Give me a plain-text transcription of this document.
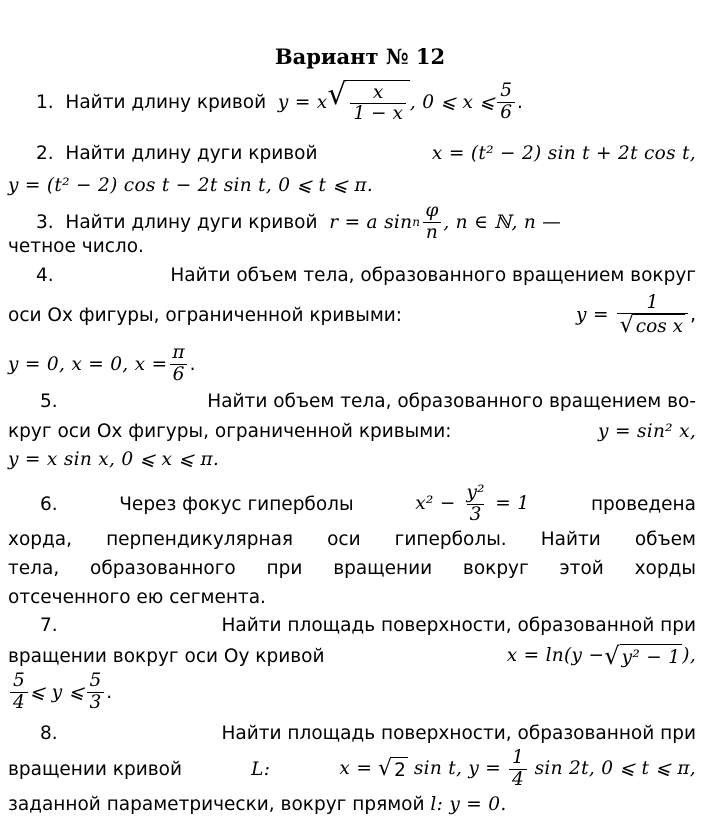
Вариант № 12
1.
Найти длину кривой
y = x √ $\frac{x}{1 - x}$ , 0 ⩽ x ⩽ $\frac{5}{6}$ .
2. Найти длину дуги кривой	x = (t² − 2) sin t + 2t cos t,
y = (t² − 2) cos t − 2t sin t, 0 ⩽ t ⩽ π.
3.
Найти длину дуги кривой
r = a sin n $\frac{\varphi}{n}$ , n ∈ ℕ, n —
четное число.
4.	Найти объем тела, образованного вращением вокруг
оси Ox фигуры, ограниченной кривыми:	$y = \frac{1}{\text{√ cos x}}$ ,
y = 0, x = 0, $x = \frac{\pi}{6}$ .
5.	Найти объем тела, образованного вращением во-
круг оси Ox фигуры, ограниченной кривыми:	y = sin² x,
y = x sin x, 0 ⩽ x ⩽ π.
6.	Через фокус гиперболы	$x^2 - \frac{\text{y²}}{3} = 1$	проведена
хорда, перпендикулярная оси гиперболы. Найти объем
тела, образованного при вращении вокруг этой хорды
отсеченного ею сегмента.
7.	Найти площадь поверхности, образованной при
вращении вокруг оси Oy кривой	x = ln(y − √ y² − 1 ),
$\frac{5}{4}$ ⩽ y ⩽ $\frac{5}{3}$ .
8.	Найти площадь поверхности, образованной при
вращении кривой	L:	x = √ 2 sin t, $y = \frac{1}{4}$ sin 2t, 0 ⩽ t ⩽ π,
заданной параметрически, вокруг прямой
l: y = 0.
